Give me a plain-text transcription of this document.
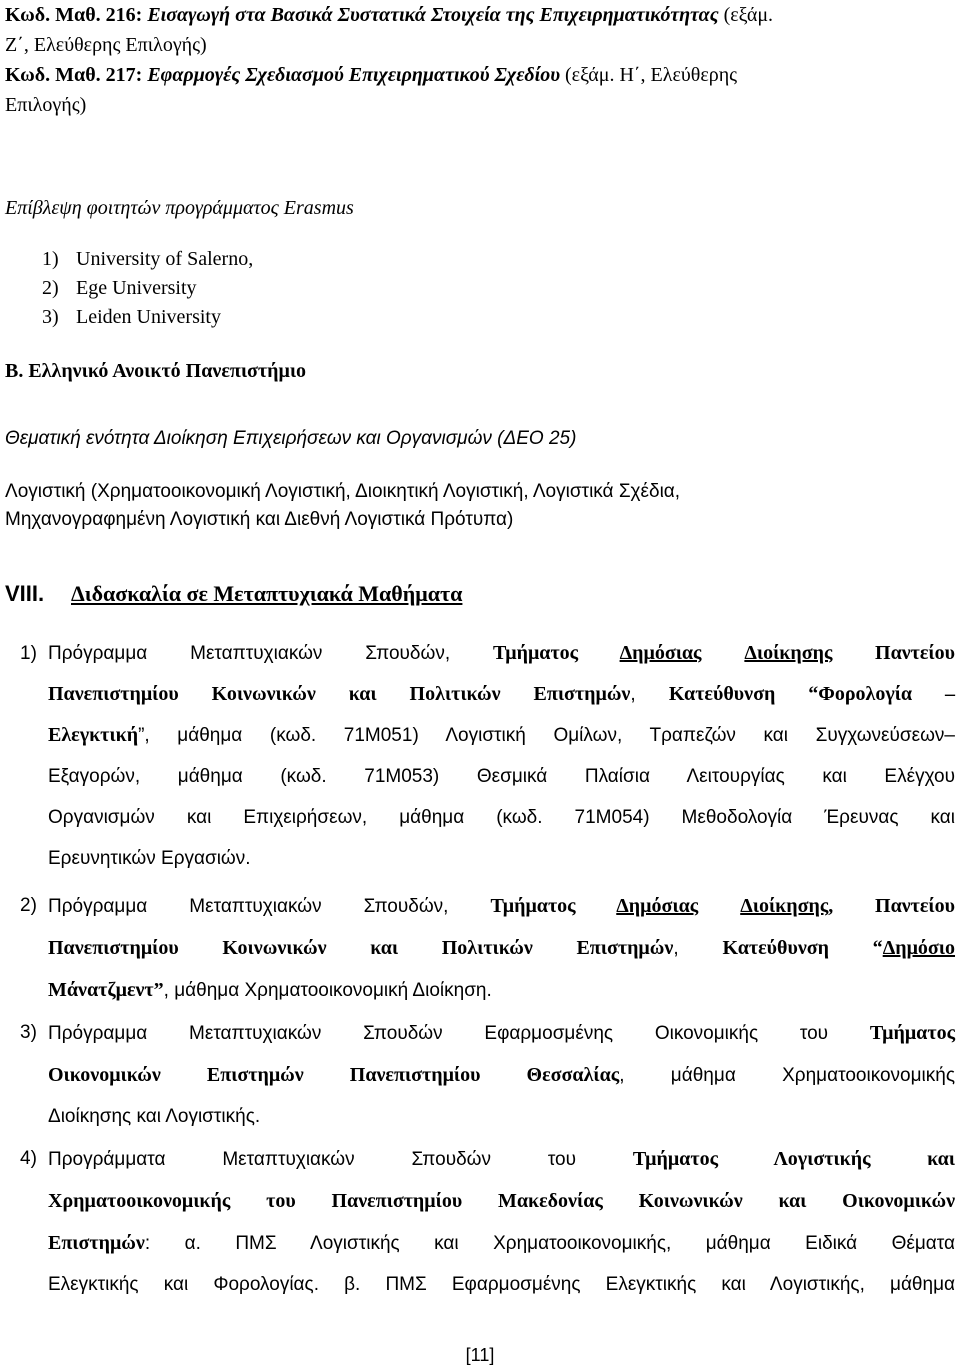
Κωδ. Μαθ. 216: Εισαγωγή στα Βασικά Συστατικά Στοιχεία της Επιχειρηματικότητας (εξάμ.
Ζ΄, Ελεύθερης Επιλογής)
Κωδ. Μαθ. 217: Εφαρμογές Σχεδιασμού Επιχειρηματικού Σχεδίου (εξάμ. Η΄, Ελεύθερης
Επιλογής)
Επίβλεψη φοιτητών προγράμματος Erasmus
1) University of Salerno,
2) Ege University
3) Leiden University
Β. Ελληνικό Ανοικτό Πανεπιστήμιο
Θεματική ενότητα Διοίκηση Επιχειρήσεων και Οργανισμών (ΔΕΟ 25)
Λογιστική (Χρηματοοικονομική Λογιστική, Διοικητική Λογιστική, Λογιστικά Σχέδια,
Μηχανογραφημένη Λογιστική και Διεθνή Λογιστικά Πρότυπα)
VIII. Διδασκαλία σε Μεταπτυχιακά Μαθήματα
1) Πρόγραμμα Μεταπτυχιακών Σπουδών, Τμήματος Δημόσιας Διοίκησης Παντείου
Πανεπιστημίου Κοινωνικών και Πολιτικών Επιστημών, Κατεύθυνση “Φορολογία –
Ελεγκτική”, μάθημα (κωδ. 71Μ051) Λογιστική Ομίλων, Τραπεζών και Συγχωνεύσεων–
Εξαγορών, μάθημα (κωδ. 71Μ053) Θεσμικά Πλαίσια Λειτουργίας και Ελέγχου
Οργανισμών και Επιχειρήσεων, μάθημα (κωδ. 71Μ054) Μεθοδολογία Έρευνας και
Ερευνητικών Εργασιών.
2) Πρόγραμμα Μεταπτυχιακών Σπουδών, Τμήματος Δημόσιας Διοίκησης, Παντείου
Πανεπιστημίου Κοινωνικών και Πολιτικών Επιστημών, Κατεύθυνση “Δημόσιο
Μάνατζμεντ”, μάθημα Χρηματοοικονομική Διοίκηση.
3) Πρόγραμμα Μεταπτυχιακών Σπουδών Εφαρμοσμένης Οικονομικής του Τμήματος
Οικονομικών Επιστημών Πανεπιστημίου Θεσσαλίας, μάθημα Χρηματοοικονομικής
Διοίκησης και Λογιστικής.
4) Προγράμματα Μεταπτυχιακών Σπουδών του Τμήματος Λογιστικής και
Χρηματοοικονομικής του Πανεπιστημίου Μακεδονίας Κοινωνικών και Οικονομικών
Επιστημών: α. ΠΜΣ Λογιστικής και Χρηματοοικονομικής, μάθημα Ειδικά Θέματα
Ελεγκτικής και Φορολογίας. β. ΠΜΣ Εφαρμοσμένης Ελεγκτικής και Λογιστικής, μάθημα
[11]
